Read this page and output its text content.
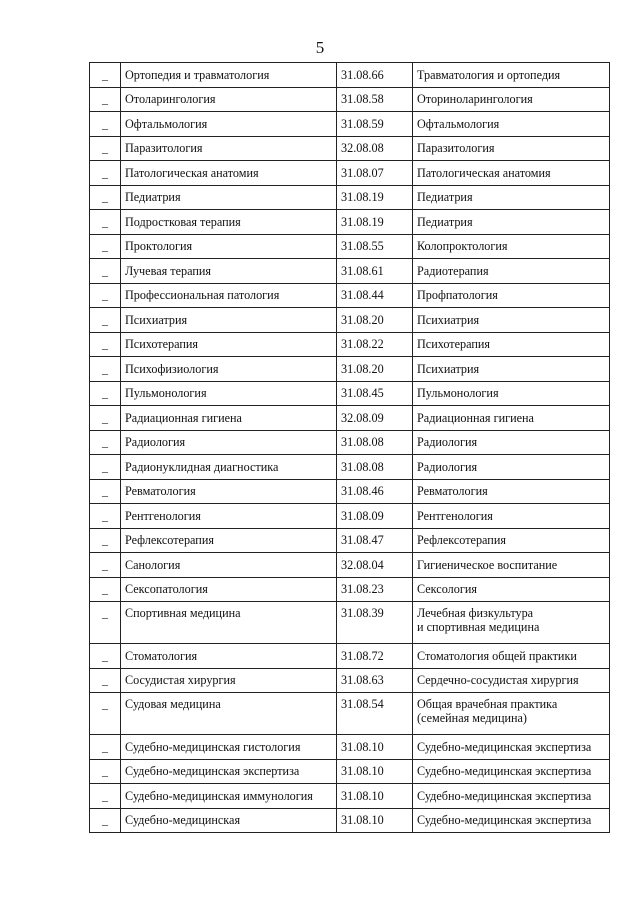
5
_	Ортопедия и травматология	31.08.66	Травматология и ортопедия

_	Отоларингология	31.08.58	Оториноларингология

_	Офтальмология	31.08.59	Офтальмология

_	Паразитология	32.08.08	Паразитология

_	Патологическая анатомия	31.08.07	Патологическая анатомия

_	Педиатрия	31.08.19	Педиатрия

_	Подростковая терапия	31.08.19	Педиатрия

_	Проктология	31.08.55	Колопроктология

_	Лучевая терапия	31.08.61	Радиотерапия

_	Профессиональная патология	31.08.44	Профпатология

_	Психиатрия	31.08.20	Психиатрия

_	Психотерапия	31.08.22	Психотерапия

_	Психофизиология	31.08.20	Психиатрия

_	Пульмонология	31.08.45	Пульмонология

_	Радиационная гигиена	32.08.09	Радиационная гигиена

_	Радиология	31.08.08	Радиология

_	Радионуклидная диагностика	31.08.08	Радиология

_	Ревматология	31.08.46	Ревматология

_	Рентгенология	31.08.09	Рентгенология

_	Рефлексотерапия	31.08.47	Рефлексотерапия

_	Санология	32.08.04	Гигиеническое воспитание

_	Сексопатология	31.08.23	Сексология

_	Спортивная медицина	31.08.39	Лечебная физкультура
и спортивная медицина

_	Стоматология	31.08.72	Стоматология общей практики

_	Сосудистая хирургия	31.08.63	Сердечно-сосудистая хирургия

_	Судовая медицина	31.08.54	Общая врачебная практика
(семейная медицина)

_	Судебно-медицинская гистология	31.08.10	Судебно-медицинская экспертиза

_	Судебно-медицинская экспертиза	31.08.10	Судебно-медицинская экспертиза

_	Судебно-медицинская иммунология	31.08.10	Судебно-медицинская экспертиза

_	Судебно-медицинская	31.08.10	Судебно-медицинская экспертиза
